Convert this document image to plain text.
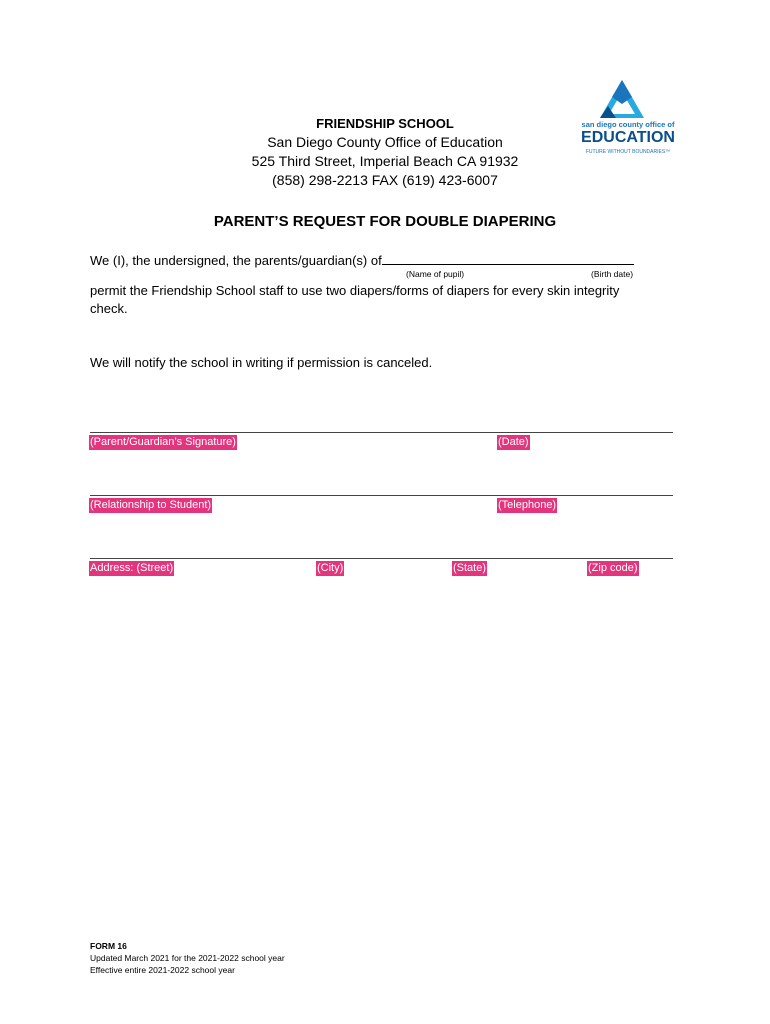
FRIENDSHIP SCHOOL
San Diego County Office of Education
525 Third Street, Imperial Beach CA 91932
(858) 298-2213 FAX (619) 423-6007
san diego county office of
EDUCATION
FUTURE WITHOUT BOUNDARIES™
PARENT’S REQUEST FOR DOUBLE DIAPERING
We (I), the undersigned, the parents/guardian(s) of
(Name of pupil)	(Birth date)
permit the Friendship School staff to use two diapers/forms of diapers for every skin integrity check.
We will notify the school in writing if permission is canceled.
(Parent/Guardian’s Signature)	(Date)
(Relationship to Student)	(Telephone)
Address: (Street)	(City)	(State)	(Zip code)
FORM 16
Updated March 2021 for the 2021-2022 school year
Effective entire 2021-2022 school year
